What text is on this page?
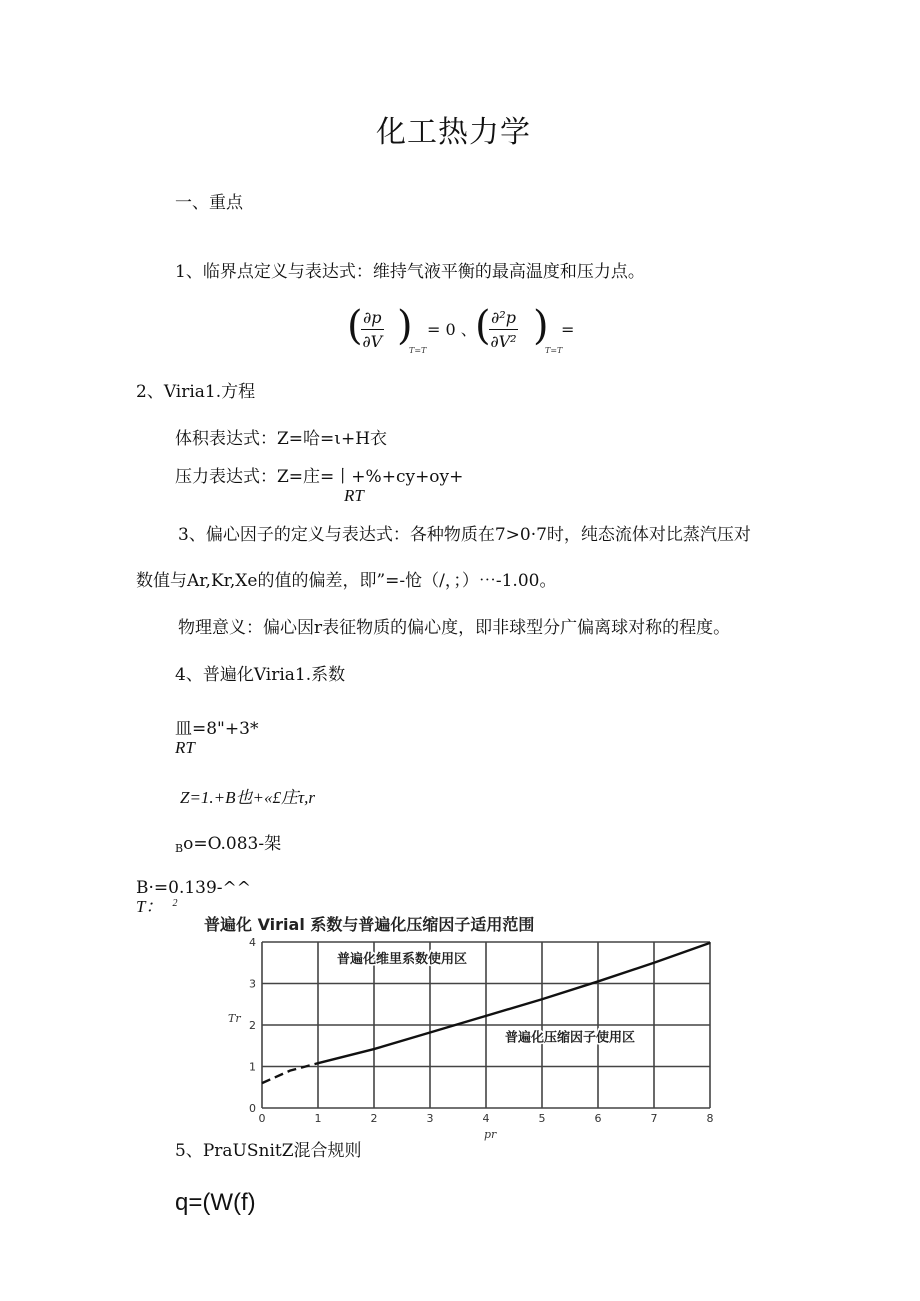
化工热力学
一、重点
1、临界点定义与表达式：维持气液平衡的最高温度和压力点。
(
$\frac{\partial p}{\partial V}$ )
T=T
= 0 、
(
$\frac{\text{∂²p}}{\text{∂V²}}$ )
T=T
=
2、Viria1.方程
体积表达式：Z=哈=ι+H衣
压力表达式：Z=庄=丨+%+cy+oy+
RT
3、偏心因子的定义与表达式：各种物质在7>0·7时，纯态流体对比蒸汽压对
数值与Ar,Kr,Xe的值的偏差，即”=-怆（/，；）⋯-1.00。
物理意义：偏心因r表征物质的偏心度，即非球型分广偏离球对称的程度。
4、普遍化Viria1.系数
皿=8"+3*
RT
Z=1.+B也+«£庄τ,r
Bo=O.083-架
B·=0.139-^^
T： $^2$
普遍化 Virial 系数与普遍化压缩因子适用范围
0	1	2	3	4	5	6	7	8
0
1
2
3
4
普遍化维里系数使用区
普遍化压缩因子使用区
Tr
pr
5、PraUSnitZ混合规则
q=(W(f)
